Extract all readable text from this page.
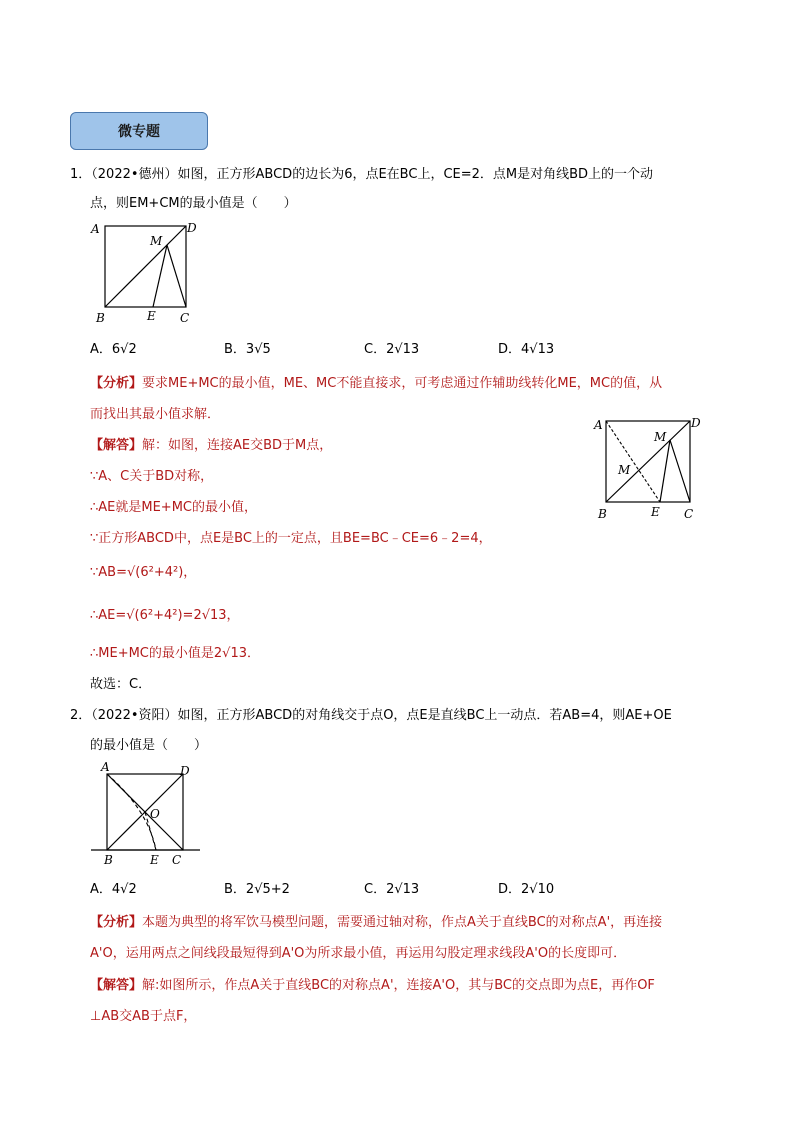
微专题
1．（2022•德州）如图，正方形ABCD的边长为6，点E在BC上，CE=2．点M是对角线BD上的一个动
点，则EM+CM的最小值是（　　）
A	D
M
B	E C
A．6√2	B．3√5	C．2√13	D．4√13
【分析】要求ME+MC的最小值，ME、MC不能直接求，可考虑通过作辅助线转化ME，MC的值，从
而找出其最小值求解．
【解答】解：如图，连接AE交BD于M点，
∵A、C关于BD对称，
∴AE就是ME+MC的最小值，
∵正方形ABCD中，点E是BC上的一定点，且BE=BC﹣CE=6﹣2=4，
∵AB=√(6²+4²)，
∴AE=√(6²+4²)=2√13，
∴ME+MC的最小值是2√13．
故选：C．
A	D
M
M
B	E C
2．（2022•资阳）如图，正方形ABCD的对角线交于点O，点E是直线BC上一动点．若AB=4，则AE+OE
的最小值是（　　）
A	D
O
B	E C
A．4√2	B．2√5+2	C．2√13	D．2√10
【分析】本题为典型的将军饮马模型问题，需要通过轴对称，作点A关于直线BC的对称点A'，再连接
A'O，运用两点之间线段最短得到A'O为所求最小值，再运用勾股定理求线段A'O的长度即可．
【解答】解:如图所示，作点A关于直线BC的对称点A'，连接A'O，其与BC的交点即为点E，再作OF
⊥AB交AB于点F，
